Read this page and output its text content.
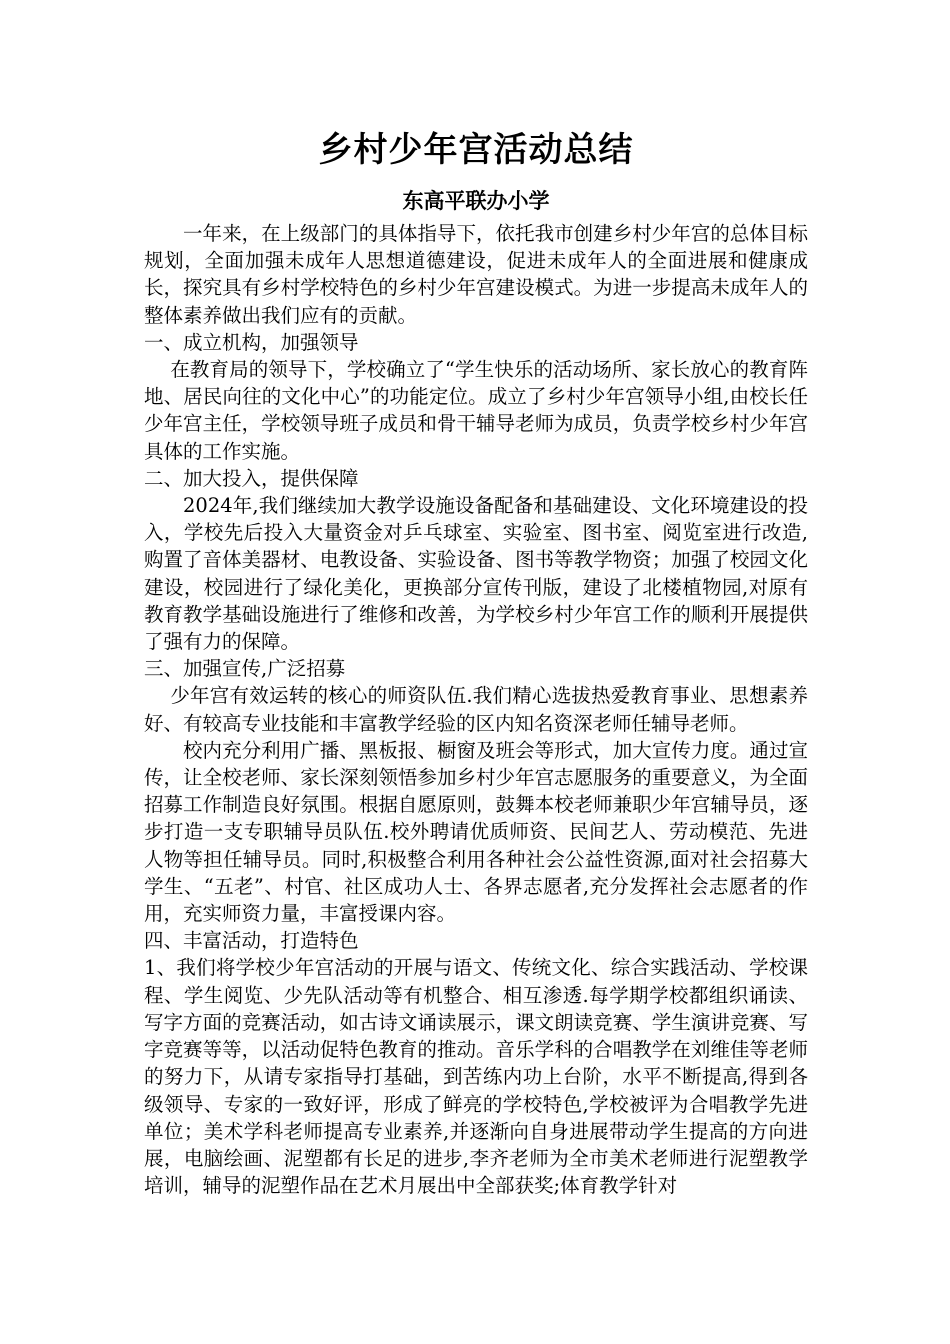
乡村少年宫活动总结
东高平联办小学

一年来，在上级部门的具体指导下，依托我市创建乡村少年宫的总体目标规划，全面加强未成年人思想道德建设，促进未成年人的全面进展和健康成长，探究具有乡村学校特色的乡村少年宫建设模式。为进一步提高未成年人的整体素养做出我们应有的贡献。

一、成立机构，加强领导

在教育局的领导下，学校确立了“学生快乐的活动场所、家长放心的教育阵地、居民向往的文化中心”的功能定位。成立了乡村少年宫领导小组,由校长任少年宫主任，学校领导班子成员和骨干辅导老师为成员，负责学校乡村少年宫具体的工作实施。

二、加大投入，提供保障

2024年,我们继续加大教学设施设备配备和基础建设、文化环境建设的投入，学校先后投入大量资金对乒乓球室、实验室、图书室、阅览室进行改造,购置了音体美器材、电教设备、实验设备、图书等教学物资；加强了校园文化建设，校园进行了绿化美化，更换部分宣传刊版，建设了北楼植物园,对原有教育教学基础设施进行了维修和改善，为学校乡村少年宫工作的顺利开展提供了强有力的保障。

三、加强宣传,广泛招募

少年宫有效运转的核心的师资队伍.我们精心选拔热爱教育事业、思想素养好、有较高专业技能和丰富教学经验的区内知名资深老师任辅导老师。

校内充分利用广播、黑板报、橱窗及班会等形式，加大宣传力度。通过宣传，让全校老师、家长深刻领悟参加乡村少年宫志愿服务的重要意义，为全面招募工作制造良好氛围。根据自愿原则，鼓舞本校老师兼职少年宫辅导员，逐步打造一支专职辅导员队伍.校外聘请优质师资、民间艺人、劳动模范、先进人物等担任辅导员。同时,积极整合利用各种社会公益性资源,面对社会招募大学生、“五老”、村官、社区成功人士、各界志愿者,充分发挥社会志愿者的作用，充实师资力量，丰富授课内容。

四、丰富活动，打造特色

1、我们将学校少年宫活动的开展与语文、传统文化、综合实践活动、学校课程、学生阅览、少先队活动等有机整合、相互渗透.每学期学校都组织诵读、写字方面的竞赛活动，如古诗文诵读展示，课文朗读竞赛、学生演讲竞赛、写字竞赛等等，以活动促特色教育的推动。音乐学科的合唱教学在刘维佳等老师的努力下，从请专家指导打基础，到苦练内功上台阶，水平不断提高,得到各级领导、专家的一致好评，形成了鲜亮的学校特色,学校被评为合唱教学先进单位；美术学科老师提高专业素养,并逐渐向自身进展带动学生提高的方向进展，电脑绘画、泥塑都有长足的进步,李齐老师为全市美术老师进行泥塑教学培训，辅导的泥塑作品在艺术月展出中全部获奖;体育教学针对
